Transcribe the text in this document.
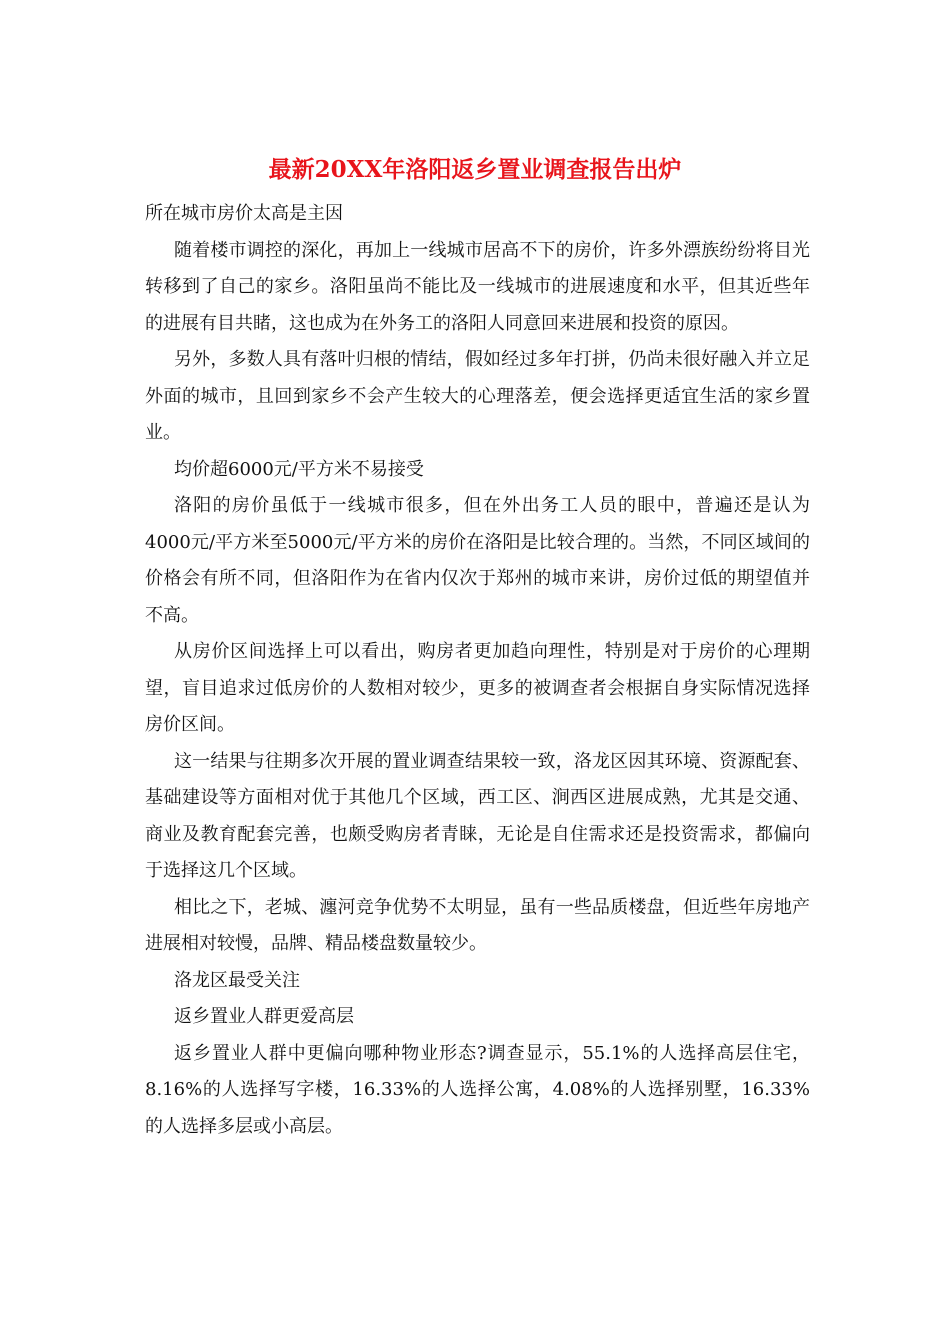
最新20XX年洛阳返乡置业调查报告出炉

所在城市房价太高是主因

随着楼市调控的深化，再加上一线城市居高不下的房价，许多外漂族纷纷将目光转移到了自己的家乡。洛阳虽尚不能比及一线城市的进展速度和水平，但其近些年的进展有目共睹，这也成为在外务工的洛阳人同意回来进展和投资的原因。

另外，多数人具有落叶归根的情结，假如经过多年打拼，仍尚未很好融入并立足外面的城市，且回到家乡不会产生较大的心理落差，便会选择更适宜生活的家乡置业。

均价超6000元/平方米不易接受

洛阳的房价虽低于一线城市很多，但在外出务工人员的眼中，普遍还是认为4000元/平方米至5000元/平方米的房价在洛阳是比较合理的。当然，不同区域间的价格会有所不同，但洛阳作为在省内仅次于郑州的城市来讲，房价过低的期望值并不高。

从房价区间选择上可以看出，购房者更加趋向理性，特别是对于房价的心理期望，盲目追求过低房价的人数相对较少，更多的被调查者会根据自身实际情况选择房价区间。

这一结果与往期多次开展的置业调查结果较一致，洛龙区因其环境、资源配套、基础建设等方面相对优于其他几个区域，西工区、涧西区进展成熟，尤其是交通、商业及教育配套完善，也颇受购房者青睐，无论是自住需求还是投资需求，都偏向于选择这几个区域。

相比之下，老城、瀍河竞争优势不太明显，虽有一些品质楼盘，但近些年房地产进展相对较慢，品牌、精品楼盘数量较少。

洛龙区最受关注

返乡置业人群更爱高层

返乡置业人群中更偏向哪种物业形态?调查显示，55.1%的人选择高层住宅，8.16%的人选择写字楼，16.33%的人选择公寓，4.08%的人选择别墅，16.33%的人选择多层或小高层。
